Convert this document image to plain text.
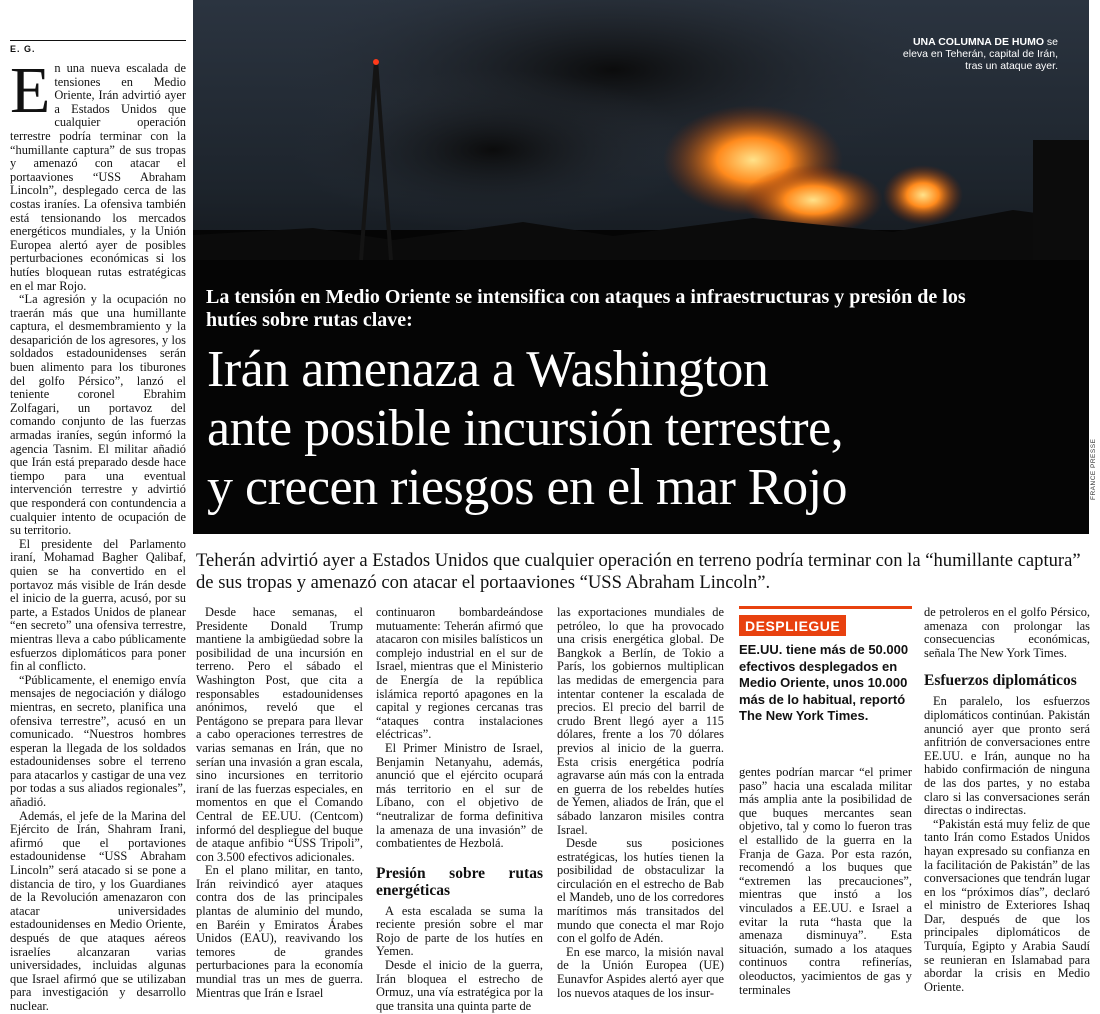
E. G.
E n una nueva escalada de tensiones en Medio Oriente, Irán advirtió ayer a Estados Unidos que cualquier operación terrestre podría terminar con la “humillante captura” de sus tropas y amenazó con atacar el portaaviones “USS Abraham Lincoln”, desplegado cerca de las costas iraníes. La ofensiva también está tensionando los mercados energéticos mundiales, y la Unión Europea alertó ayer de posibles perturbaciones económicas si los hutíes bloquean rutas estratégicas en el mar Rojo.

“La agresión y la ocupación no traerán más que una humillante captura, el desmembramiento y la desaparición de los agresores, y los soldados estadounidenses serán buen alimento para los tiburones del golfo Pérsico”, lanzó el teniente coronel Ebrahim Zolfagari, un portavoz del comando conjunto de las fuerzas armadas iraníes, según informó la agencia Tasnim. El militar añadió que Irán está preparado desde hace tiempo para una eventual intervención terrestre y advirtió que responderá con contundencia a cualquier intento de ocupación de su territorio.

El presidente del Parlamento iraní, Mohamad Bagher Qalibaf, quien se ha convertido en el portavoz más visible de Irán desde el inicio de la guerra, acusó, por su parte, a Estados Unidos de planear “en secreto” una ofensiva terrestre, mientras lleva a cabo públicamente esfuerzos diplomáticos para poner fin al conflicto.

“Públicamente, el enemigo envía mensajes de negociación y diálogo mientras, en secreto, planifica una ofensiva terrestre”, acusó en un comunicado. “Nuestros hombres esperan la llegada de los soldados estadounidenses sobre el terreno para atacarlos y castigar de una vez por todas a sus aliados regionales”, añadió.

Además, el jefe de la Marina del Ejército de Irán, Shahram Irani, afirmó que el portaviones estadounidense “USS Abraham Lincoln” será atacado si se pone a distancia de tiro, y los Guardianes de la Revolución amenazaron con atacar universidades estadounidenses en Medio Oriente, después de que ataques aéreos israelíes alcanzaran varias universidades, incluidas algunas que Israel afirmó que se utilizaban para investigación y desarrollo nuclear.

UNA COLUMNA DE HUMO se eleva en Teherán, capital de Irán, tras un ataque ayer.
La tensión en Medio Oriente se intensifica con ataques a infraestructuras y presión de los hutíes sobre rutas clave:
Irán amenaza a Washington
ante posible incursión terrestre,
y crecen riesgos en el mar Rojo	FRANCE PRESSE
Teherán advirtió ayer a Estados Unidos que cualquier operación en terreno podría terminar con la “humillante captura” de sus tropas y amenazó con atacar el portaaviones “USS Abraham Lincoln”.

Desde hace semanas, el Presidente Donald Trump mantiene la ambigüedad sobre la posibilidad de una incursión en terreno. Pero el sábado el Washington Post, que cita a responsables estadounidenses anónimos, reveló que el Pentágono se prepara para llevar a cabo operaciones terrestres de varias semanas en Irán, que no serían una invasión a gran escala, sino incursiones en territorio iraní de las fuerzas especiales, en momentos en que el Comando Central de EE.UU. (Centcom) informó del despliegue del buque de ataque anfibio “USS Tripoli”, con 3.500 efectivos adicionales.

En el plano militar, en tanto, Irán reivindicó ayer ataques contra dos de las principales plantas de aluminio del mundo, en Baréin y Emiratos Árabes Unidos (EAU), reavivando los temores de grandes perturbaciones para la economía mundial tras un mes de guerra. Mientras que Irán e Israel

continuaron bombardeándose mutuamente: Teherán afirmó que atacaron con misiles balísticos un complejo industrial en el sur de Israel, mientras que el Ministerio de Energía de la república islámica reportó apagones en la capital y regiones cercanas tras “ataques contra instalaciones eléctricas”.

El Primer Ministro de Israel, Benjamin Netanyahu, además, anunció que el ejército ocupará más territorio en el sur de Líbano, con el objetivo de “neutralizar de forma definitiva la amenaza de una invasión” de combatientes de Hezbolá.

Presión sobre rutas energéticas

A esta escalada se suma la reciente presión sobre el mar Rojo de parte de los hutíes en Yemen.

Desde el inicio de la guerra, Irán bloquea el estrecho de Ormuz, una vía estratégica por la que transita una quinta parte de

las exportaciones mundiales de petróleo, lo que ha provocado una crisis energética global. De Bangkok a Berlín, de Tokio a París, los gobiernos multiplican las medidas de emergencia para intentar contener la escalada de precios. El precio del barril de crudo Brent llegó ayer a 115 dólares, frente a los 70 dólares previos al inicio de la guerra. Esta crisis energética podría agravarse aún más con la entrada en guerra de los rebeldes hutíes de Yemen, aliados de Irán, que el sábado lanzaron misiles contra Israel.

Desde sus posiciones estratégicas, los hutíes tienen la posibilidad de obstaculizar la circulación en el estrecho de Bab el Mandeb, uno de los corredores marítimos más transitados del mundo que conecta el mar Rojo con el golfo de Adén.

En ese marco, la misión naval de la Unión Europea (UE) Eunavfor Aspides alertó ayer que los nuevos ataques de los insur-

DESPLIEGUE
EE.UU. tiene más de 50.000 efectivos desplegados en Medio Oriente, unos 10.000 más de lo habitual, reportó The New York Times.

gentes podrían marcar “el primer paso” hacia una escalada militar más amplia ante la posibilidad de que buques mercantes sean objetivo, tal y como lo fueron tras el estallido de la guerra en la Franja de Gaza. Por esta razón, recomendó a los buques que “extremen las precauciones”, mientras que instó a los vinculados a EE.UU. e Israel a evitar la ruta “hasta que la amenaza disminuya”. Esta situación, sumado a los ataques continuos contra refinerías, oleoductos, yacimientos de gas y terminales

de petroleros en el golfo Pérsico, amenaza con prolongar las consecuencias económicas, señala The New York Times.

Esfuerzos diplomáticos

En paralelo, los esfuerzos diplomáticos continúan. Pakistán anunció ayer que pronto será anfitrión de conversaciones entre EE.UU. e Irán, aunque no ha habido confirmación de ninguna de las dos partes, y no estaba claro si las conversaciones serán directas o indirectas.

“Pakistán está muy feliz de que tanto Irán como Estados Unidos hayan expresado su confianza en la facilitación de Pakistán” de las conversaciones que tendrán lugar en los “próximos días”, declaró el ministro de Exteriores Ishaq Dar, después de que los principales diplomáticos de Turquía, Egipto y Arabia Saudí se reunieran en Islamabad para abordar la crisis en Medio Oriente.
